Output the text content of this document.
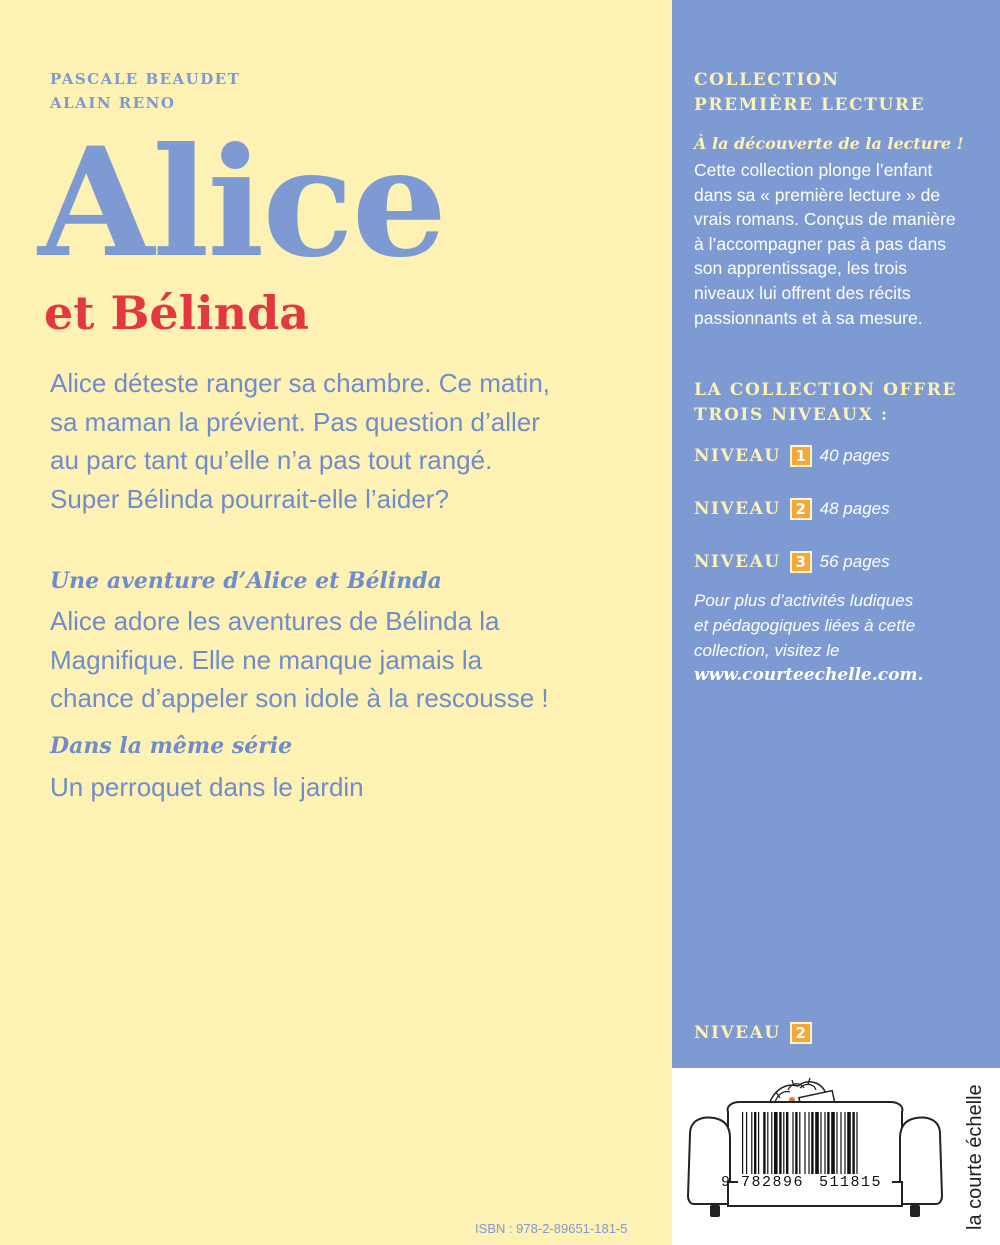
PASCALE BEAUDET
ALAIN RENO
Alice
et Bélinda
Alice déteste ranger sa chambre. Ce matin,
sa maman la prévient. Pas question d’aller
au parc tant qu’elle n’a pas tout rangé.
Super Bélinda pourrait-elle l’aider?
Une aventure d’Alice et Bélinda
Alice adore les aventures de Bélinda la
Magnifique. Elle ne manque jamais la
chance d’appeler son idole à la rescousse !
Dans la même série
Un perroquet dans le jardin
COLLECTION
PREMIÈRE LECTURE
À la découverte de la lecture !
Cette collection plonge l’enfant
dans sa « première lecture » de
vrais romans. Conçus de manière
à l’accompagner pas à pas dans
son apprentissage, les trois
niveaux lui offrent des récits
passionnants et à sa mesure.
LA COLLECTION OFFRE
TROIS NIVEAUX :
NIVEAU 1 40 pages
NIVEAU 2 48 pages
NIVEAU 3 56 pages
Pour plus d’activités ludiques
et pédagogiques liées à cette
collection, visitez le
www.courteechelle.com.
NIVEAU 2
9 782896 511815	la courte échelle
ISBN : 978-2-89651-181-5
